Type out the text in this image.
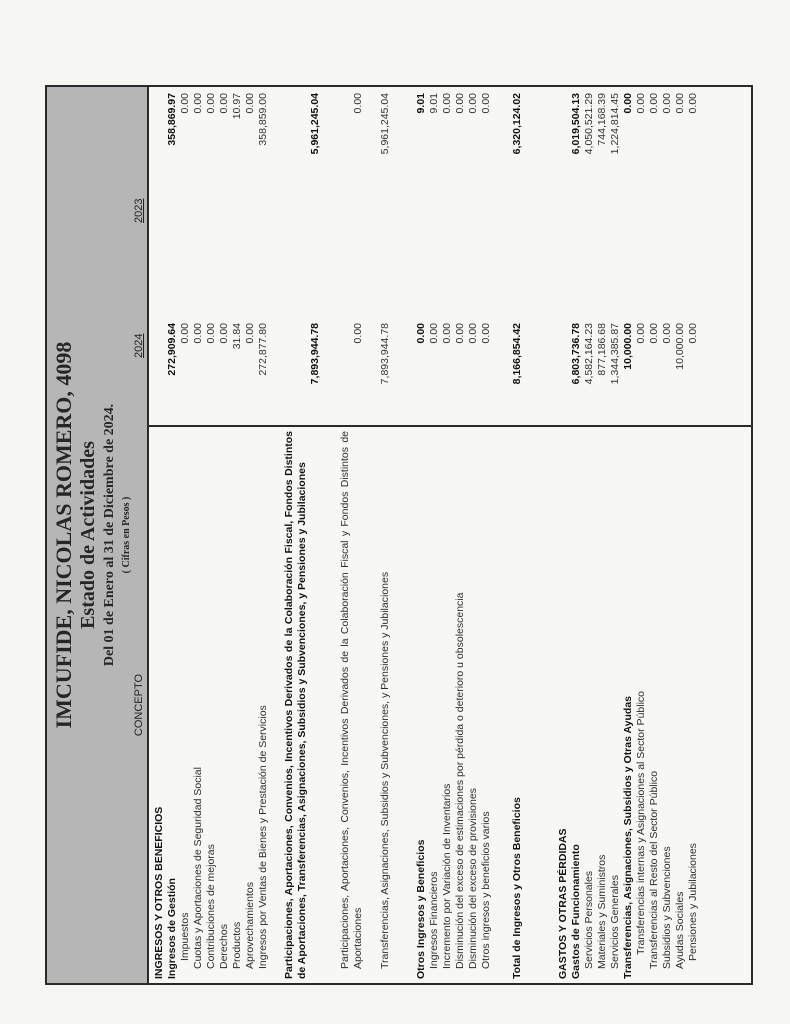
IMCUFIDE, NICOLAS ROMERO, 4098 Estado de Actividades Del 01 de Enero al 31 de Diciembre de 2024. ( Cifras en Pesos )
CONCEPTO
2024
2023
INGRESOS Y OTROS BENEFICIOS Ingresos de Gestión
272,909.64
358,869.97
Impuestos
0.00
0.00
Cuotas y Aportaciones de Seguridad Social
0.00
0.00
Contribuciones de mejoras
0.00
0.00
Derechos
0.00
0.00
Productos
31.84
10.97
Aprovechamientos
0.00
0.00
Ingresos por Ventas de Bienes y Prestación de Servicios
272,877.80
358,859.00
Participaciones, Aportaciones, Convenios, Incentivos Derivados de la Colaboración Fiscal, Fondos Distintos de Aportaciones, Transferencias, Asignaciones, Subsidios y Subvenciones, y Pensiones y Jubilaciones
7,893,944.78
5,961,245.04
Participaciones, Aportaciones, Convenios, Incentivos Derivados de la Colaboración Fiscal y Fondos Distintos de Aportaciones
0.00
0.00
Transferencias, Asignaciones, Subsidios y Subvenciones, y Pensiones y Jubilaciones
7,893,944.78
5,961,245.04
Otros Ingresos y Beneficios
0.00
9.01
Ingresos Financieros
0.00
9.01
Incremento por Variación de Inventarios
0.00
0.00
Disminución del exceso de estimaciones por pérdida o deterioro u obsolescencia
0.00
0.00
Disminución del exceso de provisiones
0.00
0.00
Otros ingresos y beneficios varios
0.00
0.00
Total de Ingresos y Otros Beneficios
8,166,854.42
6,320,124.02
GASTOS Y OTRAS PÉRDIDAS Gastos de Funcionamiento
6,803,736.78
6,019,504.13
Servicios Personales
4,582,164.23
4,050,521.29
Materiales y Suministros
877,186.68
744,168.39
Servicios Generales
1,344,385.87
1,224,814.45
Transferencias, Asignaciones, Subsidios y Otras Ayudas
10,000.00
0.00
Transferencias internas y Asignaciones al Sector Público
0.00
0.00
Transferencias al Resto del Sector Público
0.00
0.00
Subsidios y Subvenciones
0.00
0.00
Ayudas Sociales
10,000.00
0.00
Pensiones y Jubilaciones
0.00
0.00
